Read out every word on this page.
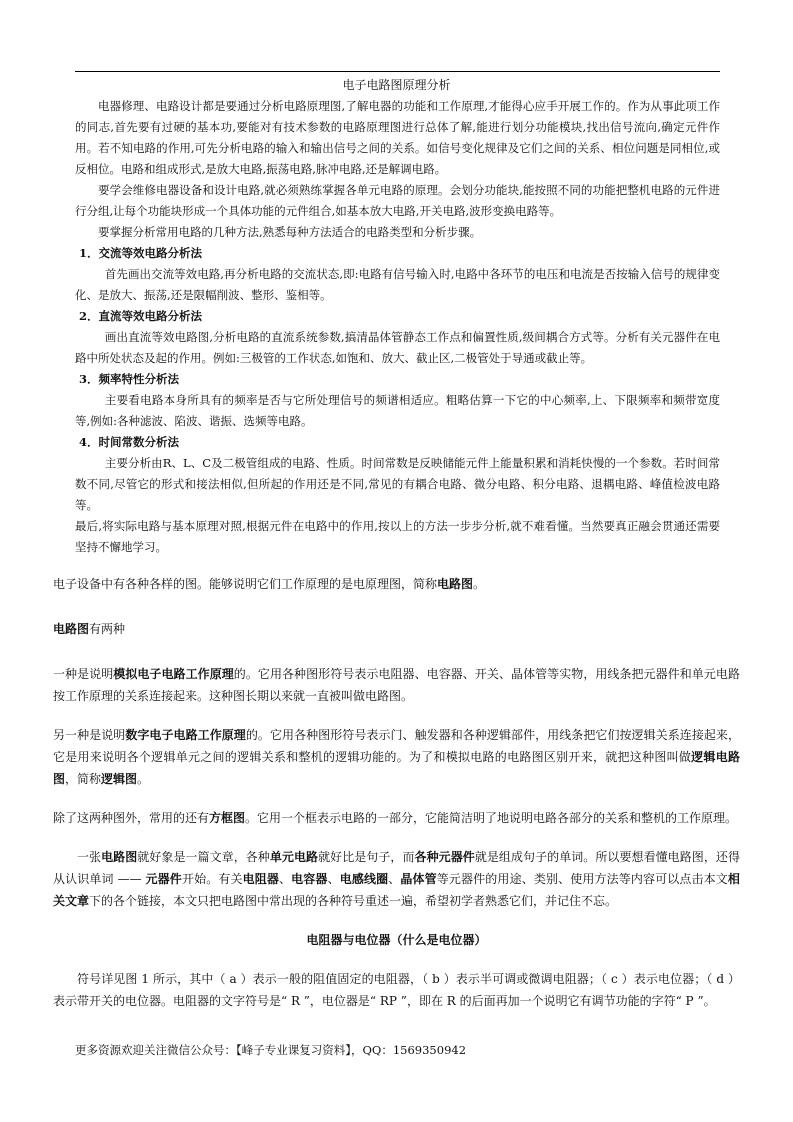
电子电路图原理分析

电器修理、电路设计都是要通过分析电路原理图,了解电器的功能和工作原理,才能得心应手开展工作的。作为从事此项工作的同志,首先要有过硬的基本功,要能对有技术参数的电路原理图进行总体了解,能进行划分功能模块,找出信号流向,确定元件作用。若不知电路的作用,可先分析电路的输入和输出信号之间的关系。如信号变化规律及它们之间的关系、相位问题是同相位,或反相位。电路和组成形式,是放大电路,振荡电路,脉冲电路,还是解调电路。

要学会维修电器设备和设计电路,就必须熟练掌握各单元电路的原理。会划分功能块,能按照不同的功能把整机电路的元件进行分组,让每个功能块形成一个具体功能的元件组合,如基本放大电路,开关电路,波形变换电路等。

要掌握分析常用电路的几种方法,熟悉每种方法适合的电路类型和分析步骤。

1．交流等效电路分析法

首先画出交流等效电路,再分析电路的交流状态,即:电路有信号输入时,电路中各环节的电压和电流是否按输入信号的规律变化、是放大、振荡,还是限幅削波、整形、鉴相等。

2．直流等效电路分析法

画出直流等效电路图,分析电路的直流系统参数,搞清晶体管静态工作点和偏置性质,级间耦合方式等。分析有关元器件在电路中所处状态及起的作用。例如:三极管的工作状态,如饱和、放大、截止区,二极管处于导通或截止等。

3．频率特性分析法

主要看电路本身所具有的频率是否与它所处理信号的频谱相适应。粗略估算一下它的中心频率,上、下限频率和频带宽度等,例如:各种滤波、陷波、谐振、选频等电路。

4．时间常数分析法

主要分析由R、L、C及二极管组成的电路、性质。时间常数是反映储能元件上能量积累和消耗快慢的一个参数。若时间常数不同,尽管它的形式和接法相似,但所起的作用还是不同,常见的有耦合电路、微分电路、积分电路、退耦电路、峰值检波电路等。

最后,将实际电路与基本原理对照,根据元件在电路中的作用,按以上的方法一步步分析,就不难看懂。当然要真正融会贯通还需要坚持不懈地学习。

电子设备中有各种各样的图。能够说明它们工作原理的是电原理图，简称电路图。

电路图有两种

一种是说明模拟电子电路工作原理的。它用各种图形符号表示电阻器、电容器、开关、晶体管等实物，用线条把元器件和单元电路按工作原理的关系连接起来。这种图长期以来就一直被叫做电路图。

另一种是说明数字电子电路工作原理的。它用各种图形符号表示门、触发器和各种逻辑部件，用线条把它们按逻辑关系连接起来，它是用来说明各个逻辑单元之间的逻辑关系和整机的逻辑功能的。为了和模拟电路的电路图区别开来，就把这种图叫做逻辑电路图，简称逻辑图。

除了这两种图外，常用的还有方框图。它用一个框表示电路的一部分，它能简洁明了地说明电路各部分的关系和整机的工作原理。

一张电路图就好象是一篇文章，各种单元电路就好比是句子，而各种元器件就是组成句子的单词。所以要想看懂电路图，还得从认识单词 —— 元器件开始。有关电阻器、电容器、电感线圈、晶体管等元器件的用途、类别、使用方法等内容可以点击本文相关文章下的各个链接，本文只把电路图中常出现的各种符号重述一遍，希望初学者熟悉它们，并记住不忘。

电阻器与电位器（什么是电位器）

符号详见图 1 所示，其中（ a ）表示一般的阻值固定的电阻器，（ b ）表示半可调或微调电阻器；（ c ）表示电位器；（ d ）表示带开关的电位器。电阻器的文字符号是“ R ”，电位器是“ RP ”，即在 R 的后面再加一个说明它有调节功能的字符“ P ”。

更多资源欢迎关注微信公众号：【峰子专业课复习资料】，QQ：1569350942
